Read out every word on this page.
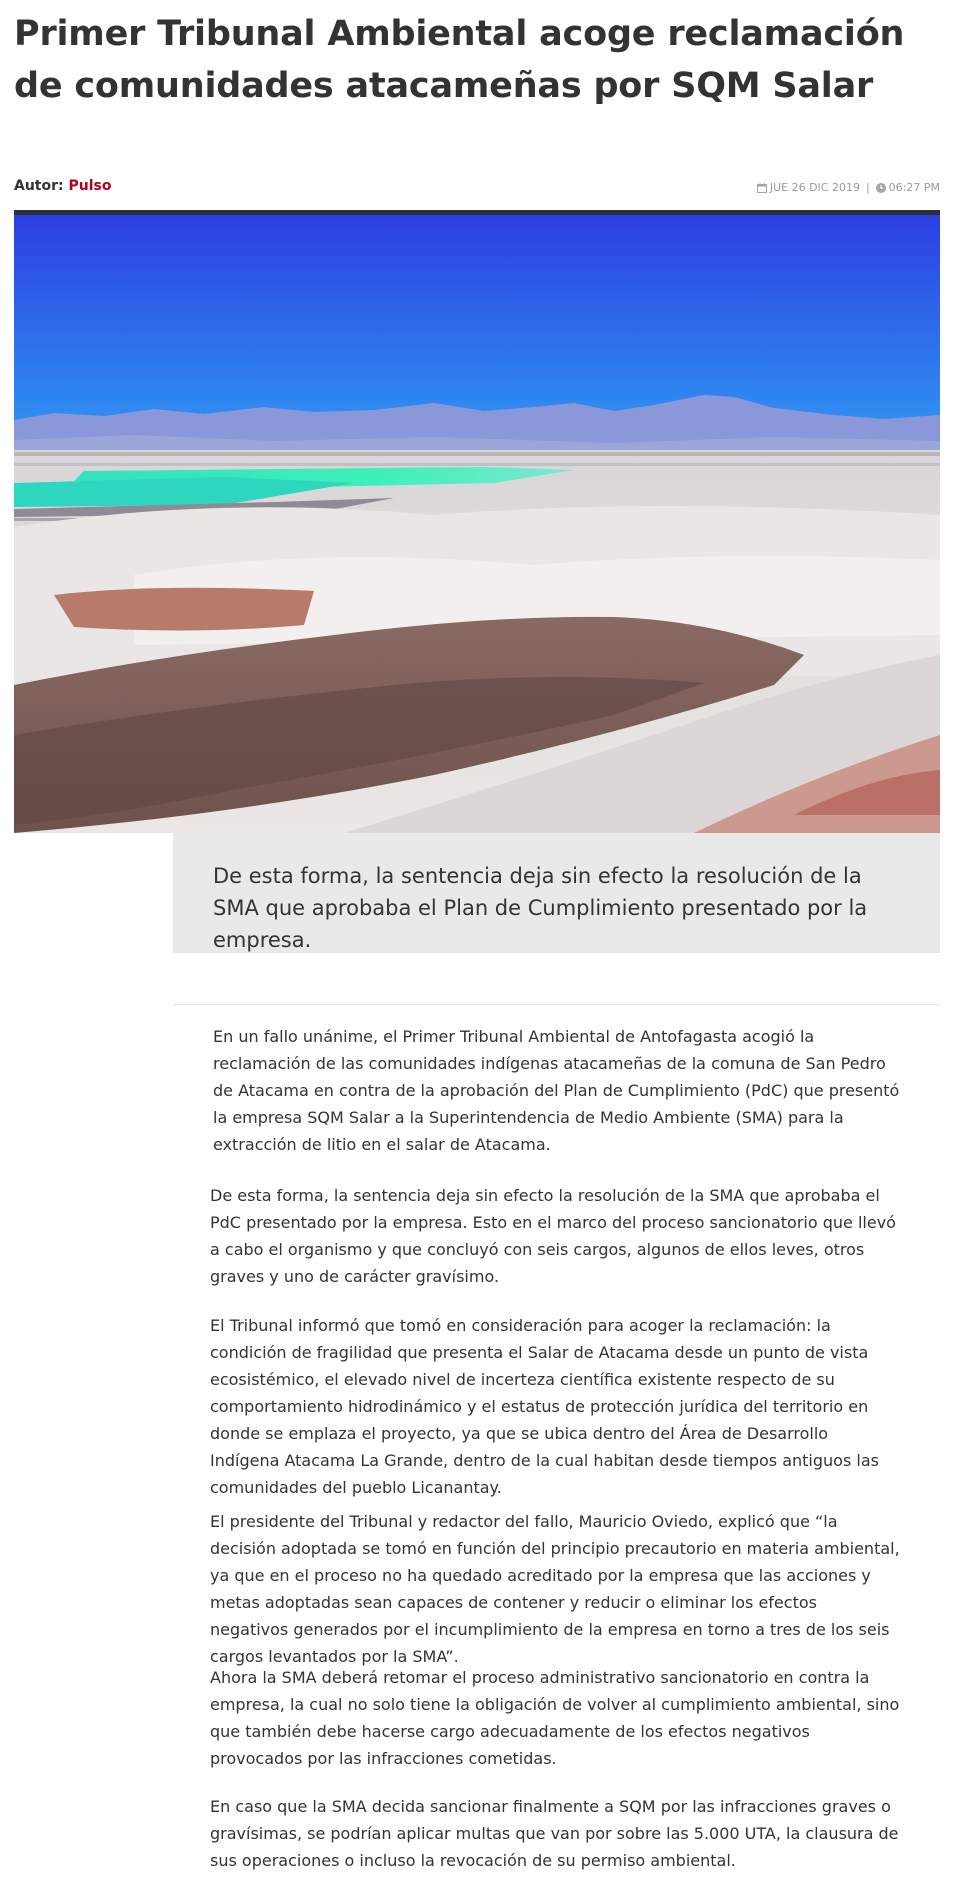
Primer Tribunal Ambiental acoge reclamación de comunidades atacameñas por SQM Salar
Autor: Pulso	JUE 26 DIC 2019 | 06:27 PM

De esta forma, la sentencia deja sin efecto la resolución de la SMA que aprobaba el Plan de Cumplimiento presentado por la empresa.

En un fallo unánime, el Primer Tribunal Ambiental de Antofagasta acogió la reclamación de las comunidades indígenas atacameñas de la comuna de San Pedro de Atacama en contra de la aprobación del Plan de Cumplimiento (PdC) que presentó la empresa SQM Salar a la Superintendencia de Medio Ambiente (SMA) para la extracción de litio en el salar de Atacama.

De esta forma, la sentencia deja sin efecto la resolución de la SMA que aprobaba el PdC presentado por la empresa. Esto en el marco del proceso sancionatorio que llevó a cabo el organismo y que concluyó con seis cargos, algunos de ellos leves, otros graves y uno de carácter gravísimo.

El Tribunal informó que tomó en consideración para acoger la reclamación: la condición de fragilidad que presenta el Salar de Atacama desde un punto de vista ecosistémico, el elevado nivel de incerteza científica existente respecto de su comportamiento hidrodinámico y el estatus de protección jurídica del territorio en donde se emplaza el proyecto, ya que se ubica dentro del Área de Desarrollo Indígena Atacama La Grande, dentro de la cual habitan desde tiempos antiguos las comunidades del pueblo Licanantay.

El presidente del Tribunal y redactor del fallo, Mauricio Oviedo, explicó que “la decisión adoptada se tomó en función del principio precautorio en materia ambiental, ya que en el proceso no ha quedado acreditado por la empresa que las acciones y metas adoptadas sean capaces de contener y reducir o eliminar los efectos negativos generados por el incumplimiento de la empresa en torno a tres de los seis cargos levantados por la SMA”.

Ahora la SMA deberá retomar el proceso administrativo sancionatorio en contra la empresa, la cual no solo tiene la obligación de volver al cumplimiento ambiental, sino que también debe hacerse cargo adecuadamente de los efectos negativos provocados por las infracciones cometidas.

En caso que la SMA decida sancionar finalmente a SQM por las infracciones graves o gravísimas, se podrían aplicar multas que van por sobre las 5.000 UTA, la clausura de sus operaciones o incluso la revocación de su permiso ambiental.
